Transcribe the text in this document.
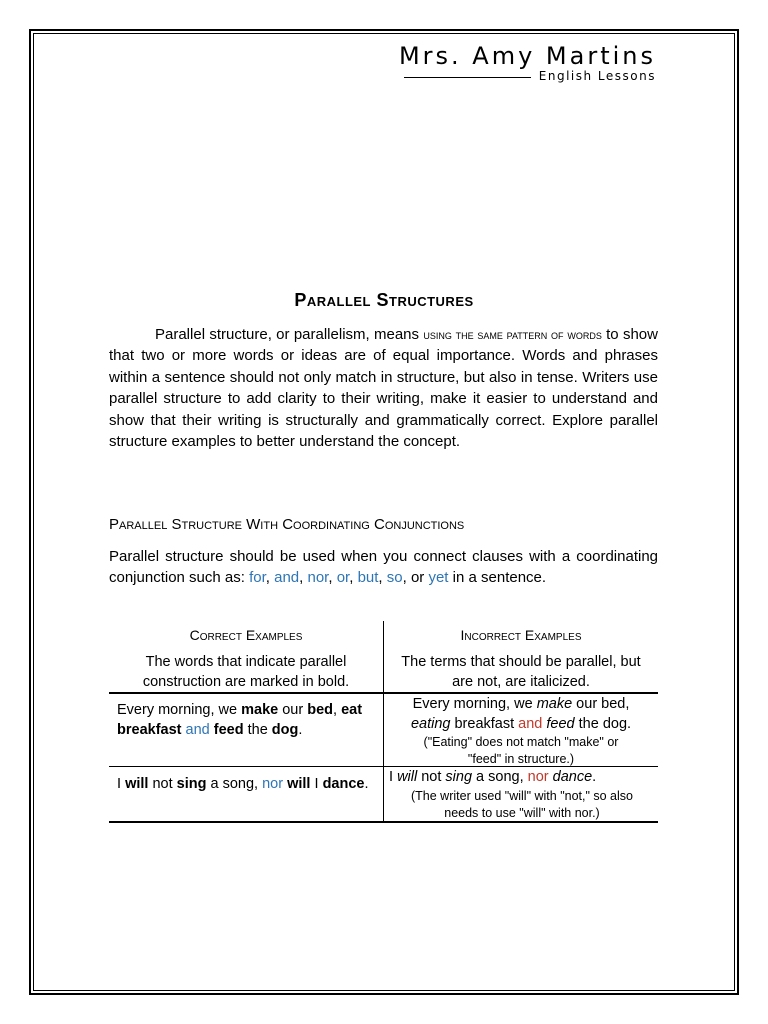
Mrs. Amy Martins
English Lessons
Parallel Structures
Parallel structure, or parallelism, means using the same pattern of words to show that two or more words or ideas are of equal importance. Words and phrases within a sentence should not only match in structure, but also in tense. Writers use parallel structure to add clarity to their writing, make it easier to understand and show that their writing is structurally and grammatically correct. Explore parallel structure examples to better understand the concept.
Parallel Structure With Coordinating Conjunctions
Parallel structure should be used when you connect clauses with a coordinating conjunction such as: for, and, nor, or, but, so, or yet in a sentence.
Correct Examples	Incorrect Examples
The words that indicate parallel construction are marked in bold.
The terms that should be parallel, but are not, are italicized.
Every morning, we make our bed, eat breakfast and feed the dog.
Every morning, we make our bed,
eating breakfast and feed the dog.
("Eating" does not match "make" or "feed" in structure.)
I will not sing a song, nor will I dance.	I will not sing a song, nor dance.
(The writer used "will" with "not," so also needs to use "will" with nor.)
